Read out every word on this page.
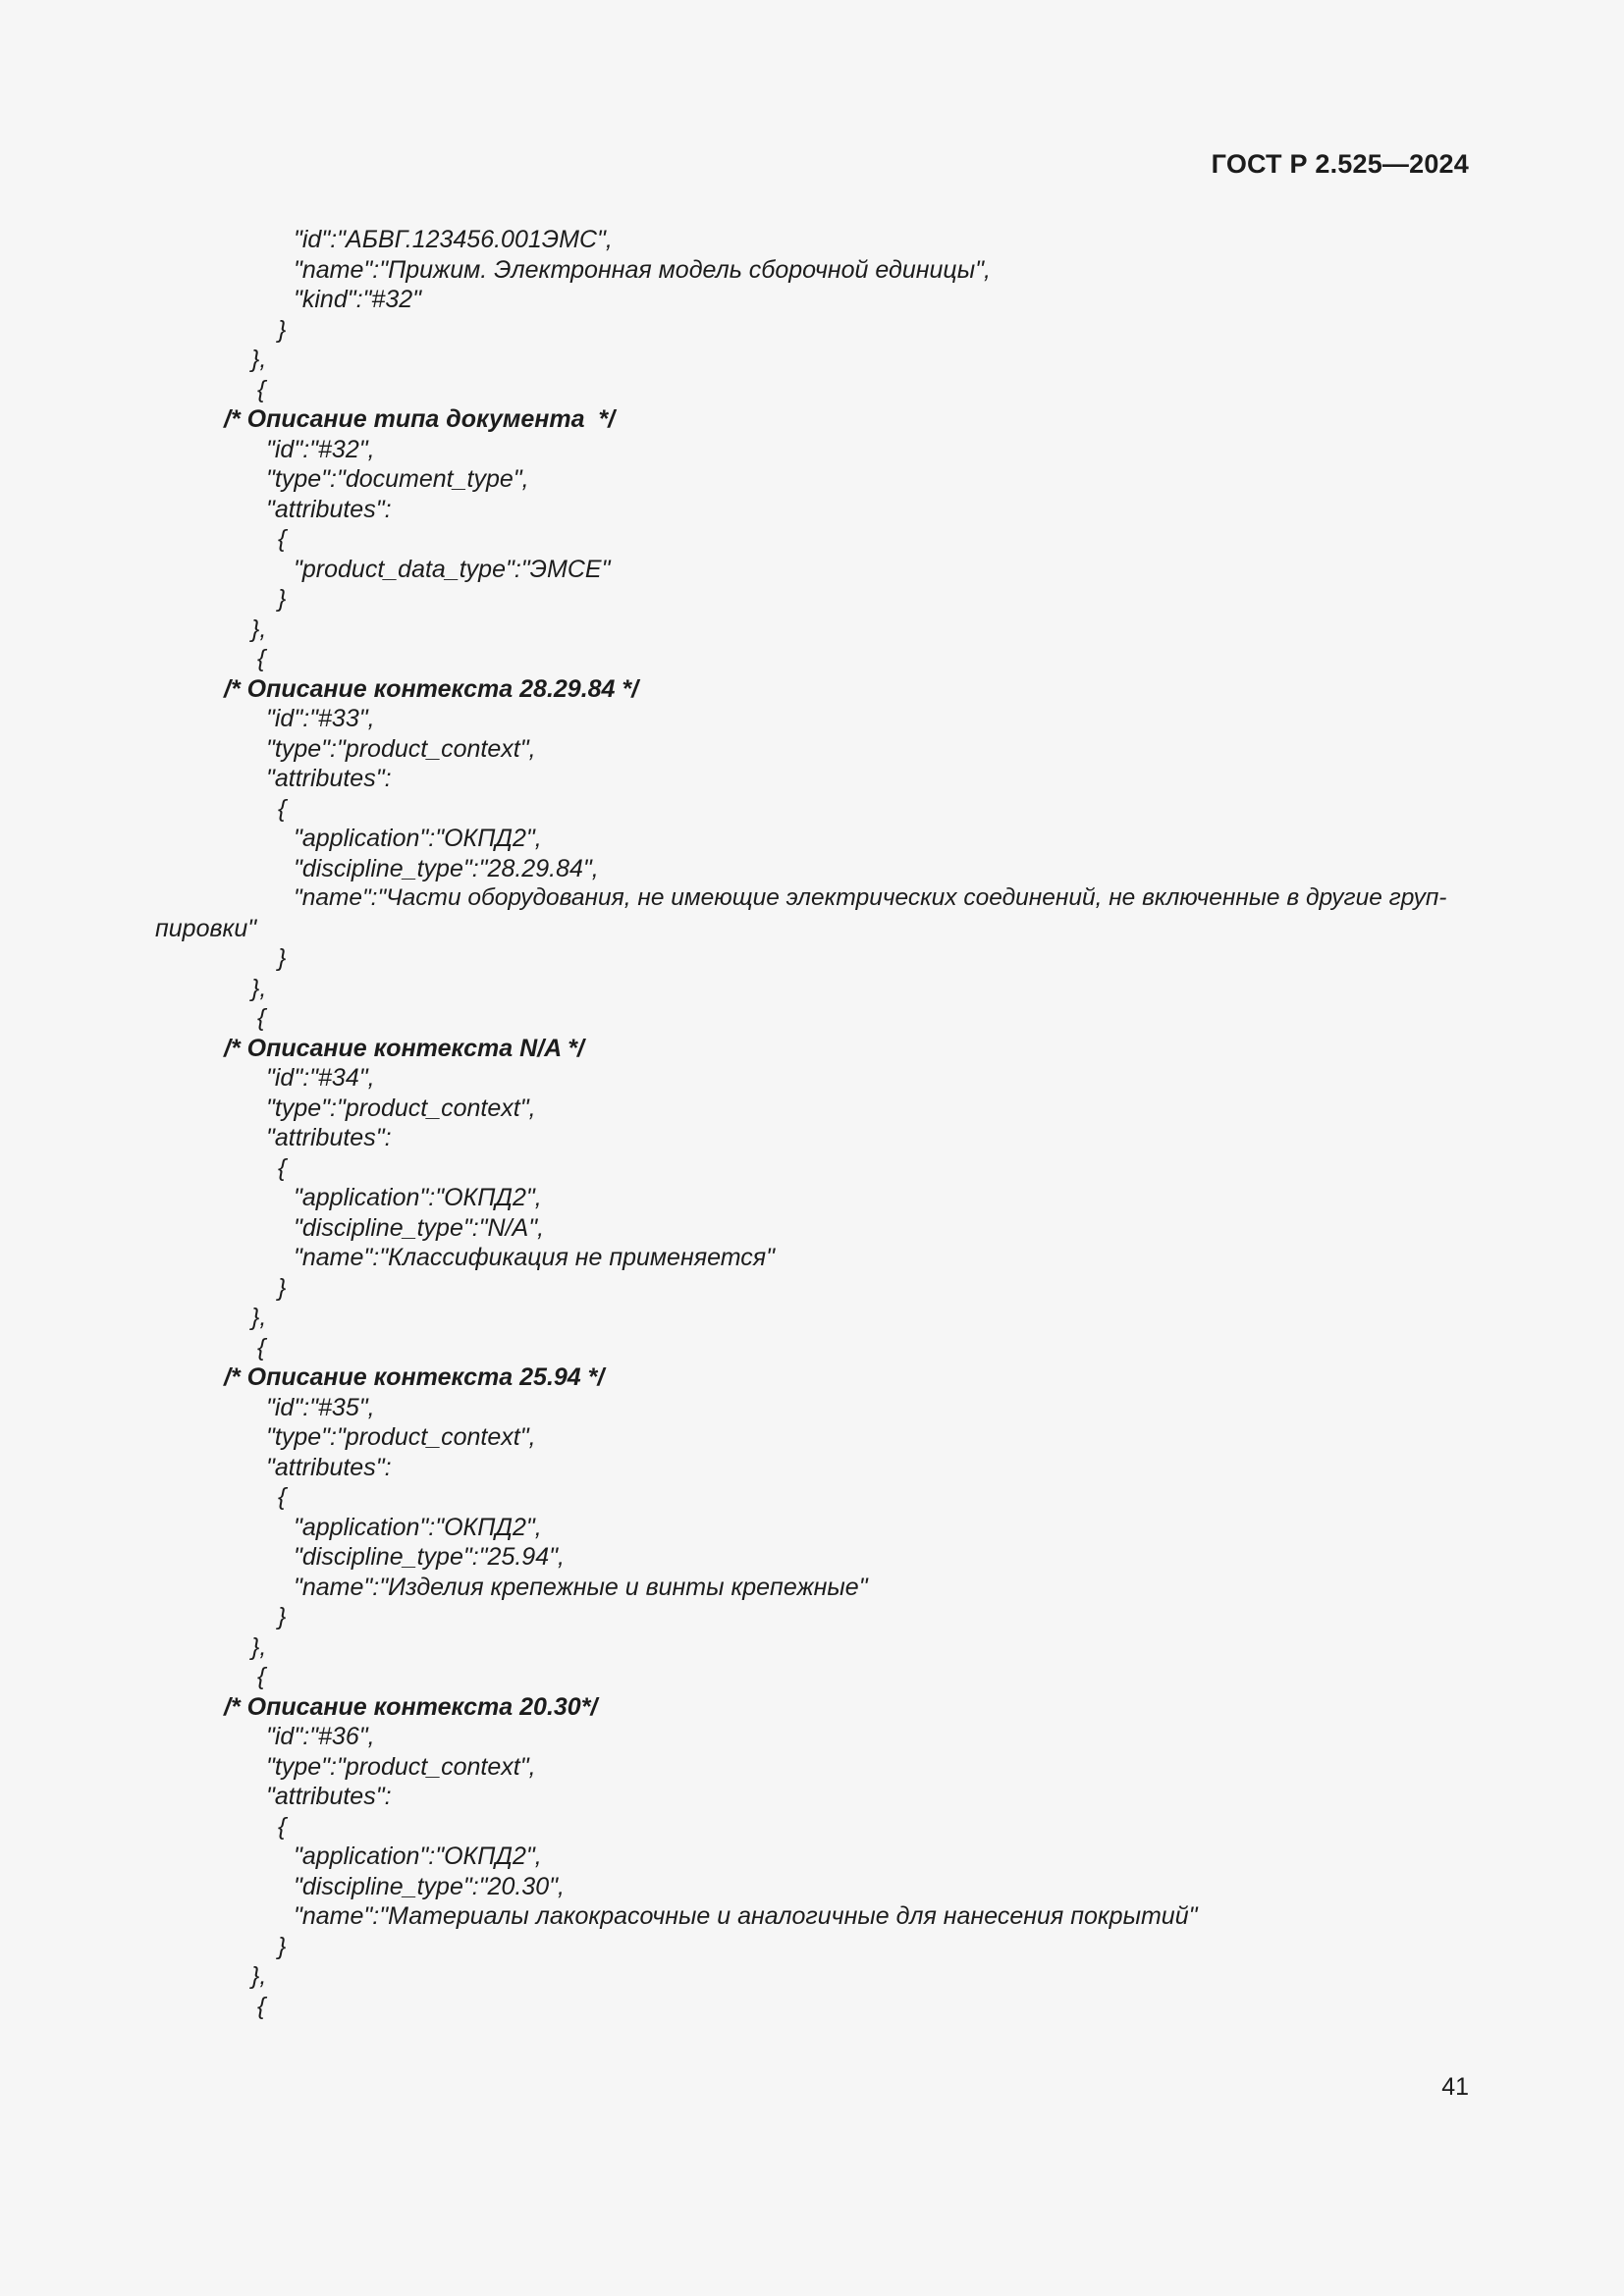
ГОСТ Р 2.525—2024
"id":"АБВГ.123456.001ЭМС",
"name":"Прижим. Электронная модель сборочной единицы",
"kind":"#32"
}
},
{
/* Описание типа документа  */
"id":"#32",
"type":"document_type",
"attributes":
{
"product_data_type":"ЭМСЕ"
}
},
{
/* Описание контекста 28.29.84 */
"id":"#33",
"type":"product_context",
"attributes":
{
"application":"ОКПД2",
"discipline_type":"28.29.84",
"name":"Части оборудования, не имеющие электрических соединений, не включенные в другие груп-
пировки"
}
},
{
/* Описание контекста N/A */
"id":"#34",
"type":"product_context",
"attributes":
{
"application":"ОКПД2",
"discipline_type":"N/A",
"name":"Классификация не применяется"
}
},
{
/* Описание контекста 25.94 */
"id":"#35",
"type":"product_context",
"attributes":
{
"application":"ОКПД2",
"discipline_type":"25.94",
"name":"Изделия крепежные и винты крепежные"
}
},
{
/* Описание контекста 20.30*/
"id":"#36",
"type":"product_context",
"attributes":
{
"application":"ОКПД2",
"discipline_type":"20.30",
"name":"Материалы лакокрасочные и аналогичные для нанесения покрытий"
}
},
{
41
